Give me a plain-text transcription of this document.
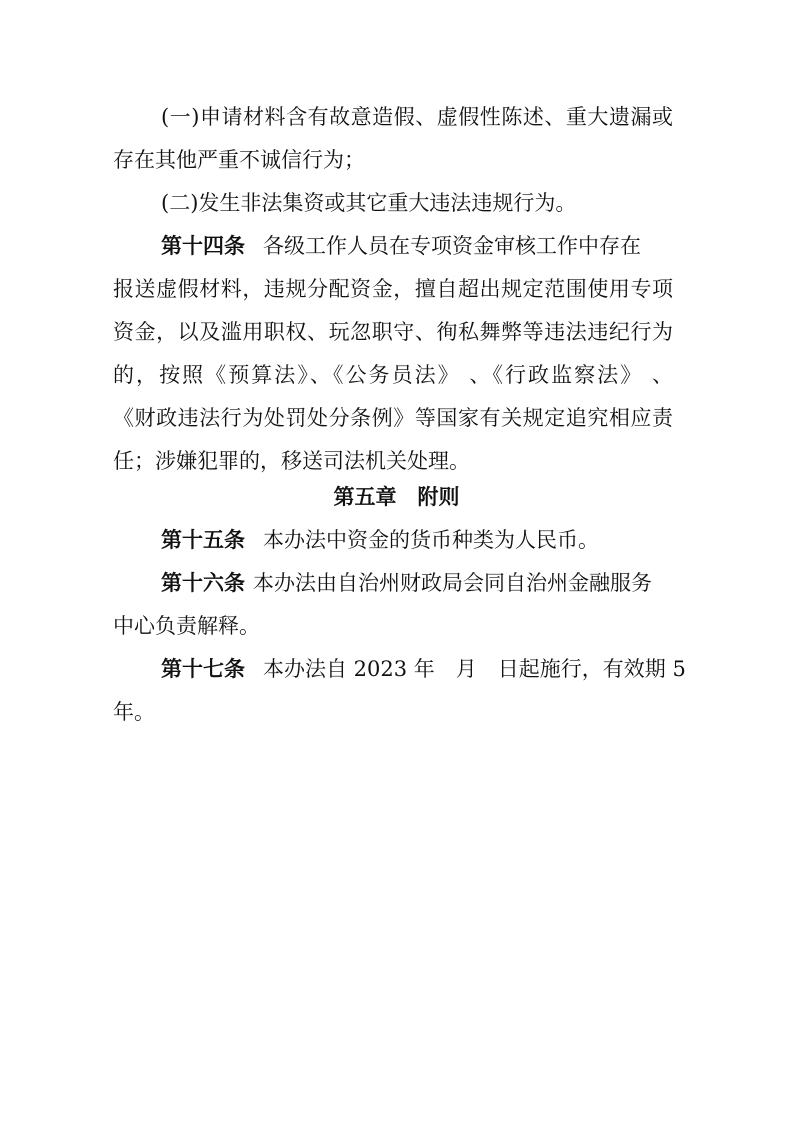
(一)申请材料含有故意造假、虚假性陈述、重大遗漏或
存在其他严重不诚信行为；
(二)发生非法集资或其它重大违法违规行为。
第十四条 各级工作人员在专项资金审核工作中存在
报送虚假材料，违规分配资金，擅自超出规定范围使用专项
资金，以及滥用职权、玩忽职守、徇私舞弊等违法违纪行为
的，按照《预算法》、《公务员法》 、《行政监察法》 、
《财政违法行为处罚处分条例》等国家有关规定追究相应责
任；涉嫌犯罪的，移送司法机关处理。
第五章　附则
第十五条 本办法中资金的货币种类为人民币。
第十六条 本办法由自治州财政局会同自治州金融服务
中心负责解释。
第十七条 本办法自 2023 年　月　日起施行，有效期 5
年。
